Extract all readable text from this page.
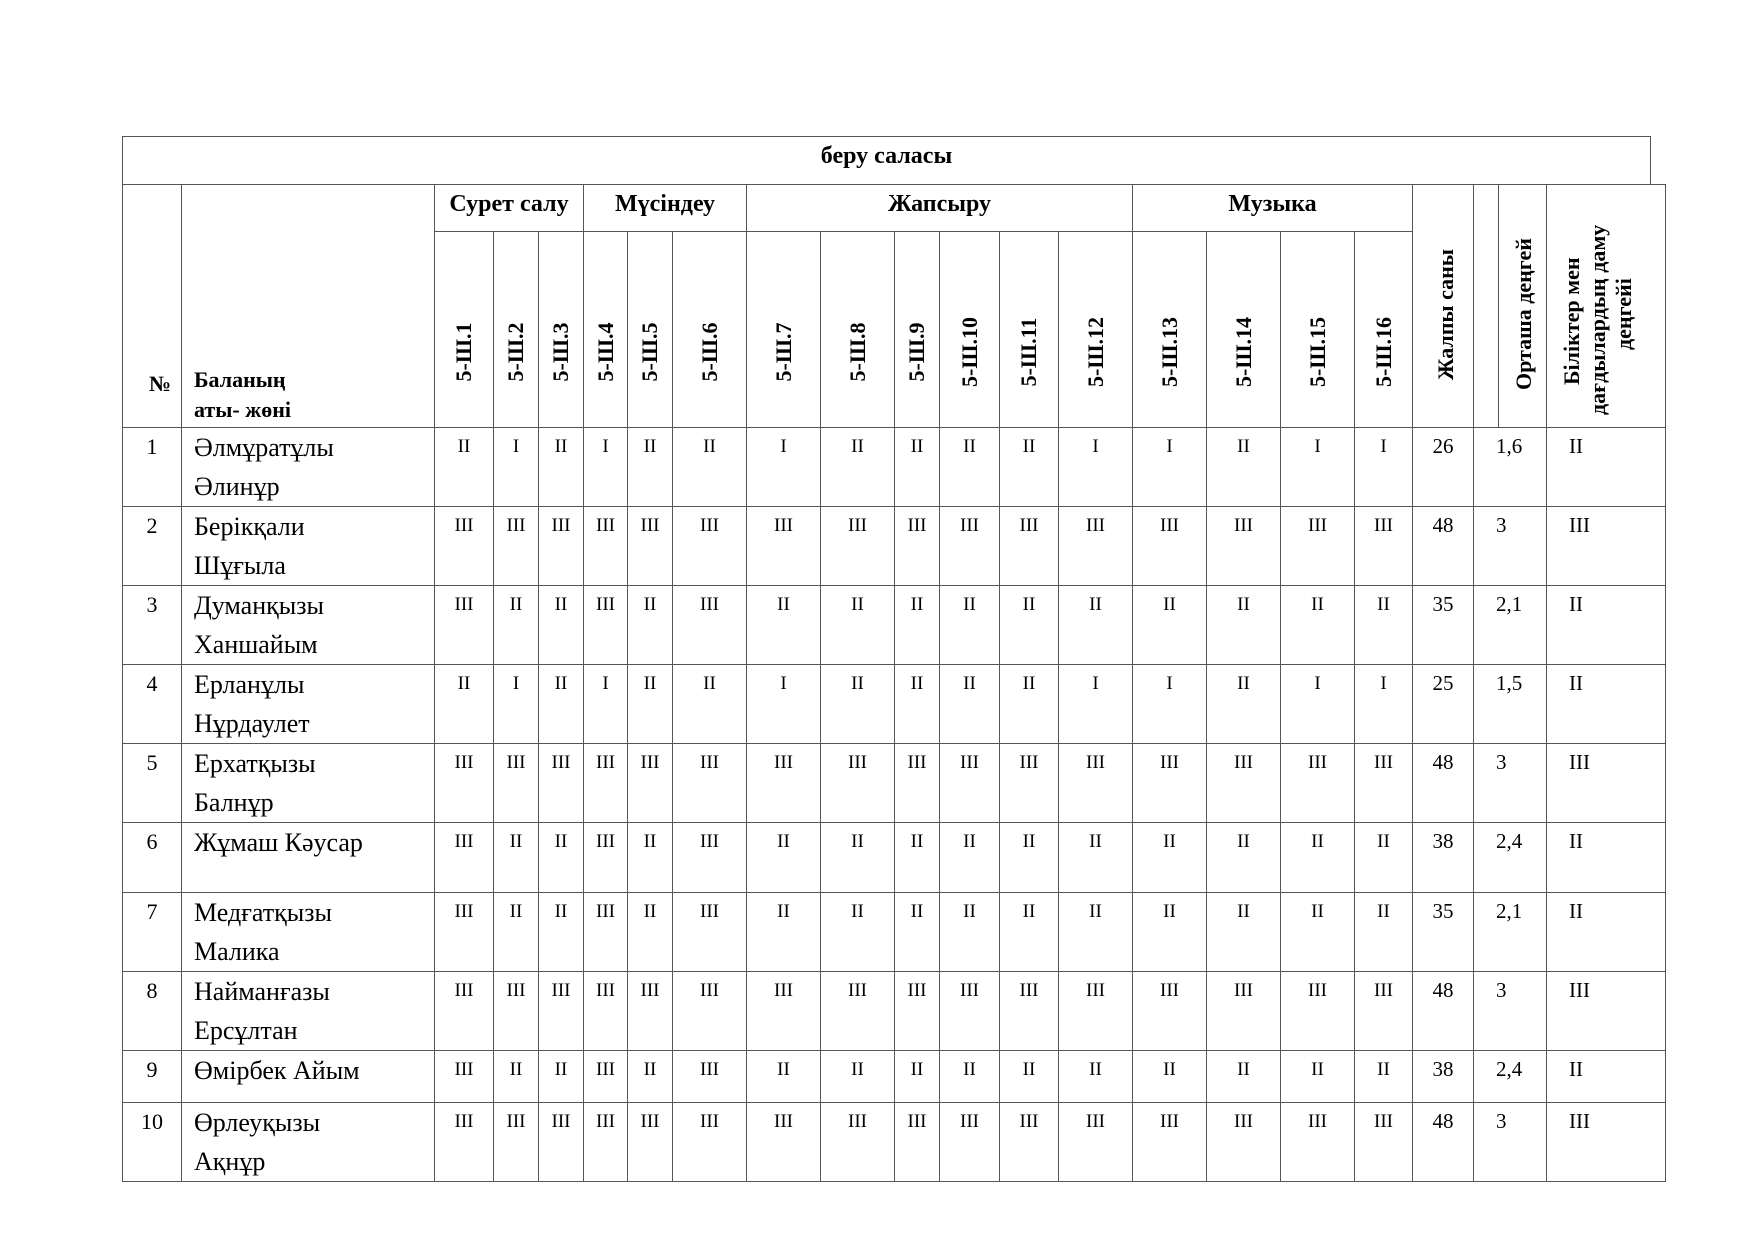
беру саласы
№	Баланың
аты- жөні	Сурет салу			Мүсіндеу			Жапсыру						Музыка				Жалпы саны		Орташа деңгей	Біліктер мен дағдылардың даму деңгейі

		5-Ш.1	5-Ш.2	5-Ш.3	5-Ш.4	5-Ш.5	5-Ш.6	5-Ш.7	5-Ш.8	5-Ш.9	5-Ш.10	5-Ш.11	5-Ш.12	5-Ш.13	5-Ш.14	5-Ш.15	5-Ш.16				

1	Әлмұратұлы
Әлинұр	II	I	II	I	II	II	I	II	II	II	II	I	I	II	I	I	26	1,6		II
2	Берікқали
Шұғыла	III	III	III	III	III	III	III	III	III	III	III	III	III	III	III	III	48	3		III
3	Думанқызы
Ханшайым	III	II	II	III	II	III	II	II	II	II	II	II	II	II	II	II	35	2,1		II
4	Ерланұлы
Нұрдаулет	II	I	II	I	II	II	I	II	II	II	II	I	I	II	I	I	25	1,5		II
5	Ерхатқызы
Балнұр	III	III	III	III	III	III	III	III	III	III	III	III	III	III	III	III	48	3		III
6	Жұмаш Кәусар	III	II	II	III	II	III	II	II	II	II	II	II	II	II	II	II	38	2,4		II
7	Медғатқызы
Малика	III	II	II	III	II	III	II	II	II	II	II	II	II	II	II	II	35	2,1		II
8	Найманғазы
Ерсұлтан	III	III	III	III	III	III	III	III	III	III	III	III	III	III	III	III	48	3		III
9	Өмірбек Айым	III	II	II	III	II	III	II	II	II	II	II	II	II	II	II	II	38	2,4		II
10	Өрлеуқызы
Ақнұр	III	III	III	III	III	III	III	III	III	III	III	III	III	III	III	III	48	3		III
